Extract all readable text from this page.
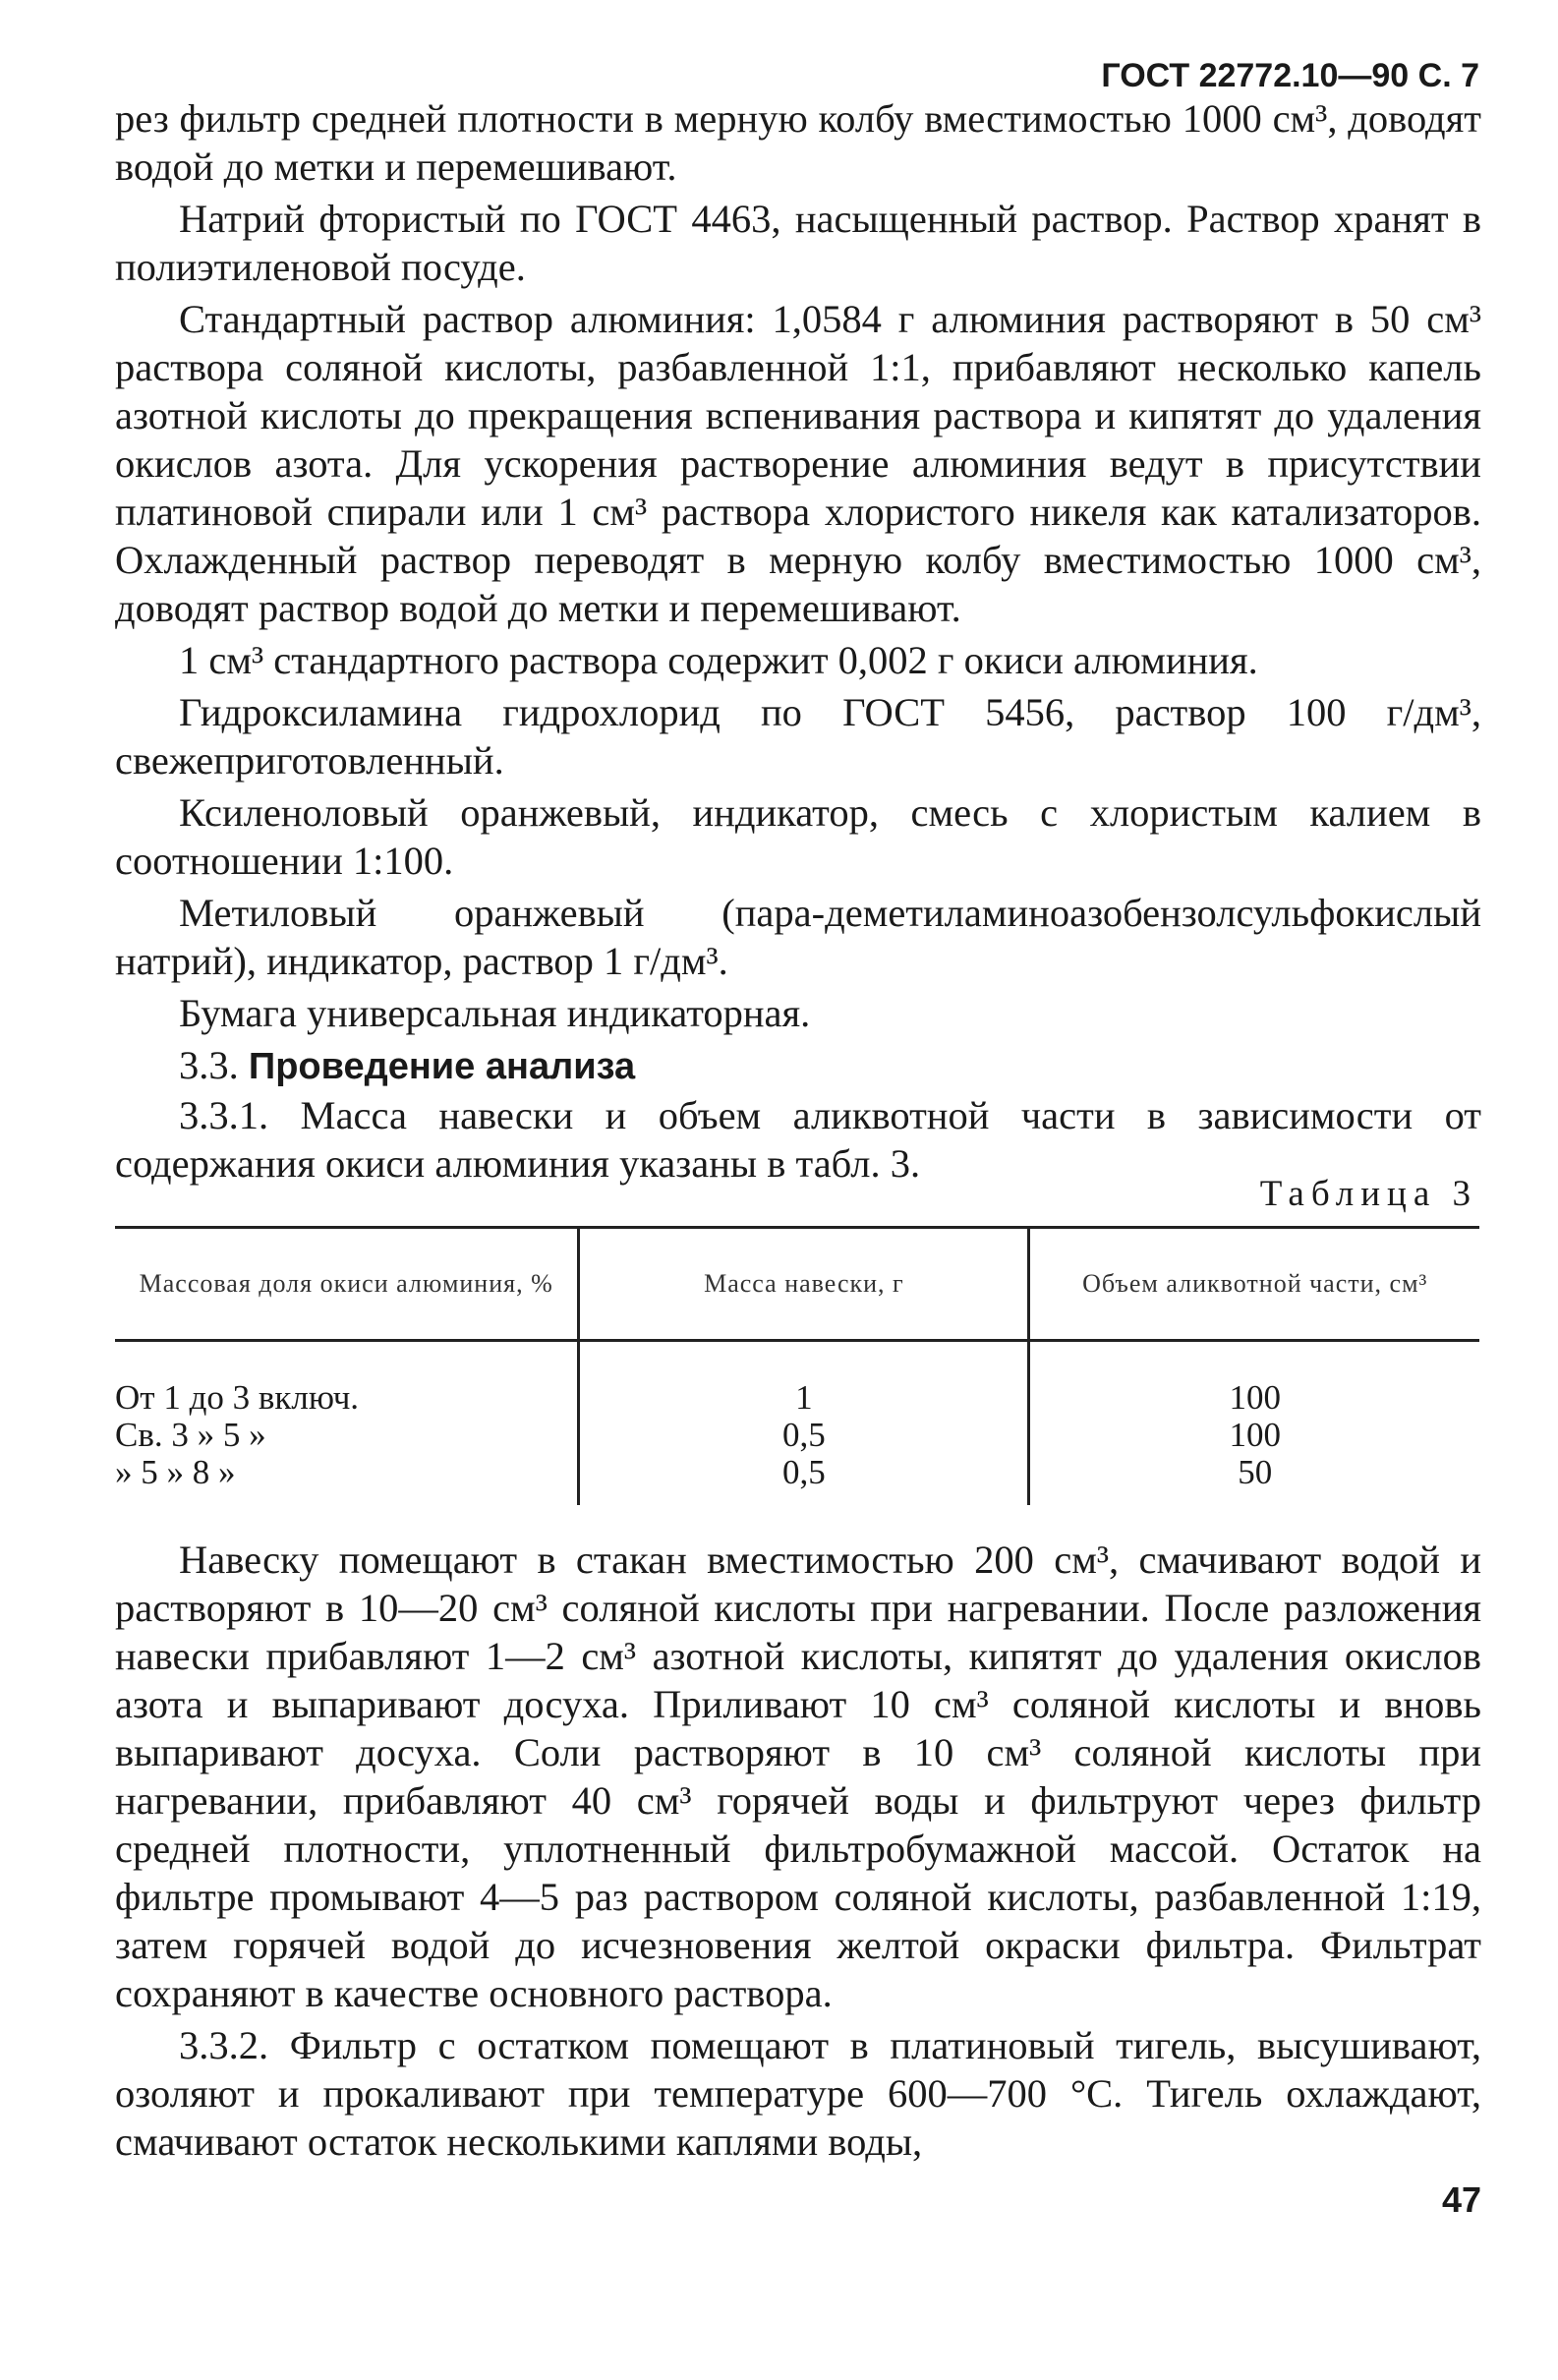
ГОСТ 22772.10—90 С. 7

рез фильтр средней плотности в мерную колбу вместимостью 1000 см³, доводят водой до метки и перемешивают.

Натрий фтористый по ГОСТ 4463, насыщенный раствор. Раствор хранят в полиэтиленовой посуде.

Стандартный раствор алюминия: 1,0584 г алюминия растворяют в 50 см³ раствора соляной кислоты, разбавленной 1:1, прибавляют несколько капель азотной кислоты до прекращения вспенивания раствора и кипятят до удаления окислов азота. Для ускорения растворение алюминия ведут в присутствии платиновой спирали или 1 см³ раствора хлористого никеля как катализаторов. Охлажденный раствор переводят в мерную колбу вместимостью 1000 см³, доводят раствор водой до метки и перемешивают.

1 см³ стандартного раствора содержит 0,002 г окиси алюминия.

Гидроксиламина гидрохлорид по ГОСТ 5456, раствор 100 г/дм³, свежеприготовленный.

Ксиленоловый оранжевый, индикатор, смесь с хлористым калием в соотношении 1:100.

Метиловый оранжевый (пара-деметиламиноазобензолсульфокислый натрий), индикатор, раствор 1 г/дм³.

Бумага универсальная индикаторная.

3.3. Проведение анализа

3.3.1. Масса навески и объем аликвотной части в зависимости от содержания окиси алюминия указаны в табл. 3.

Таблица 3
Массовая доля окиси алюминия, %	Масса навески, г	Объем аликвотной части, см³
От 1 до 3 включ.	1	100
Св. 3 » 5 »	0,5	100
» 5 » 8 »	0,5	50

Навеску помещают в стакан вместимостью 200 см³, смачивают водой и растворяют в 10—20 см³ соляной кислоты при нагревании. После разложения навески прибавляют 1—2 см³ азотной кислоты, кипятят до удаления окислов азота и выпаривают досуха. Приливают 10 см³ соляной кислоты и вновь выпаривают досуха. Соли растворяют в 10 см³ соляной кислоты при нагревании, прибавляют 40 см³ горячей воды и фильтруют через фильтр средней плотности, уплотненный фильтробумажной массой. Остаток на фильтре промывают 4—5 раз раствором соляной кислоты, разбавленной 1:19, затем горячей водой до исчезновения желтой окраски фильтра. Фильтрат сохраняют в качестве основного раствора.

3.3.2. Фильтр с остатком помещают в платиновый тигель, высушивают, озоляют и прокаливают при температуре 600—700 °С. Тигель охлаждают, смачивают остаток несколькими каплями воды,

47
